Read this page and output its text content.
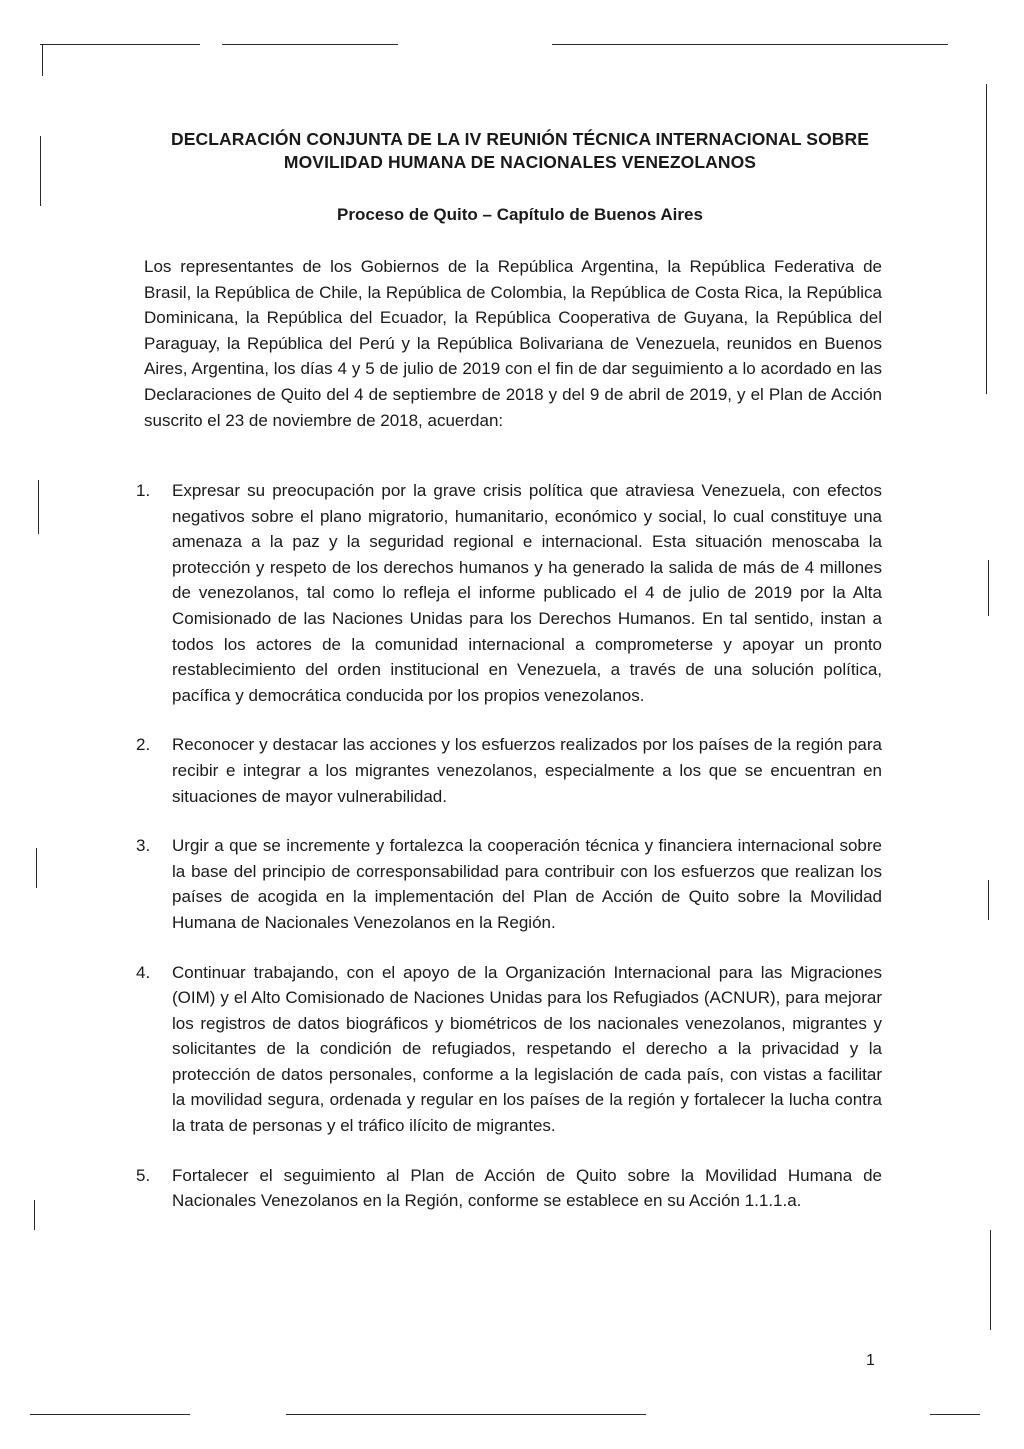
DECLARACIÓN CONJUNTA DE LA IV REUNIÓN TÉCNICA INTERNACIONAL SOBRE
MOVILIDAD HUMANA DE NACIONALES VENEZOLANOS
Proceso de Quito – Capítulo de Buenos Aires

Los representantes de los Gobiernos de la República Argentina, la República Federativa de Brasil, la República de Chile, la República de Colombia, la República de Costa Rica, la República Dominicana, la República del Ecuador, la República Cooperativa de Guyana, la República del Paraguay, la República del Perú y la República Bolivariana de Venezuela, reunidos en Buenos Aires, Argentina, los días 4 y 5 de julio de 2019 con el fin de dar seguimiento a lo acordado en las Declaraciones de Quito del 4 de septiembre de 2018 y del 9 de abril de 2019, y el Plan de Acción suscrito el 23 de noviembre de 2018, acuerdan:

1. Expresar su preocupación por la grave crisis política que atraviesa Venezuela, con efectos negativos sobre el plano migratorio, humanitario, económico y social, lo cual constituye una amenaza a la paz y la seguridad regional e internacional. Esta situación menoscaba la protección y respeto de los derechos humanos y ha generado la salida de más de 4 millones de venezolanos, tal como lo refleja el informe publicado el 4 de julio de 2019 por la Alta Comisionado de las Naciones Unidas para los Derechos Humanos. En tal sentido, instan a todos los actores de la comunidad internacional a comprometerse y apoyar un pronto restablecimiento del orden institucional en Venezuela, a través de una solución política, pacífica y democrática conducida por los propios venezolanos.
2. Reconocer y destacar las acciones y los esfuerzos realizados por los países de la región para recibir e integrar a los migrantes venezolanos, especialmente a los que se encuentran en situaciones de mayor vulnerabilidad.
3. Urgir a que se incremente y fortalezca la cooperación técnica y financiera internacional sobre la base del principio de corresponsabilidad para contribuir con los esfuerzos que realizan los países de acogida en la implementación del Plan de Acción de Quito sobre la Movilidad Humana de Nacionales Venezolanos en la Región.
4. Continuar trabajando, con el apoyo de la Organización Internacional para las Migraciones (OIM) y el Alto Comisionado de Naciones Unidas para los Refugiados (ACNUR), para mejorar los registros de datos biográficos y biométricos de los nacionales venezolanos, migrantes y solicitantes de la condición de refugiados, respetando el derecho a la privacidad y la protección de datos personales, conforme a la legislación de cada país, con vistas a facilitar la movilidad segura, ordenada y regular en los países de la región y fortalecer la lucha contra la trata de personas y el tráfico ilícito de migrantes.
5. Fortalecer el seguimiento al Plan de Acción de Quito sobre la Movilidad Humana de Nacionales Venezolanos en la Región, conforme se establece en su Acción 1.1.1.a.
1
